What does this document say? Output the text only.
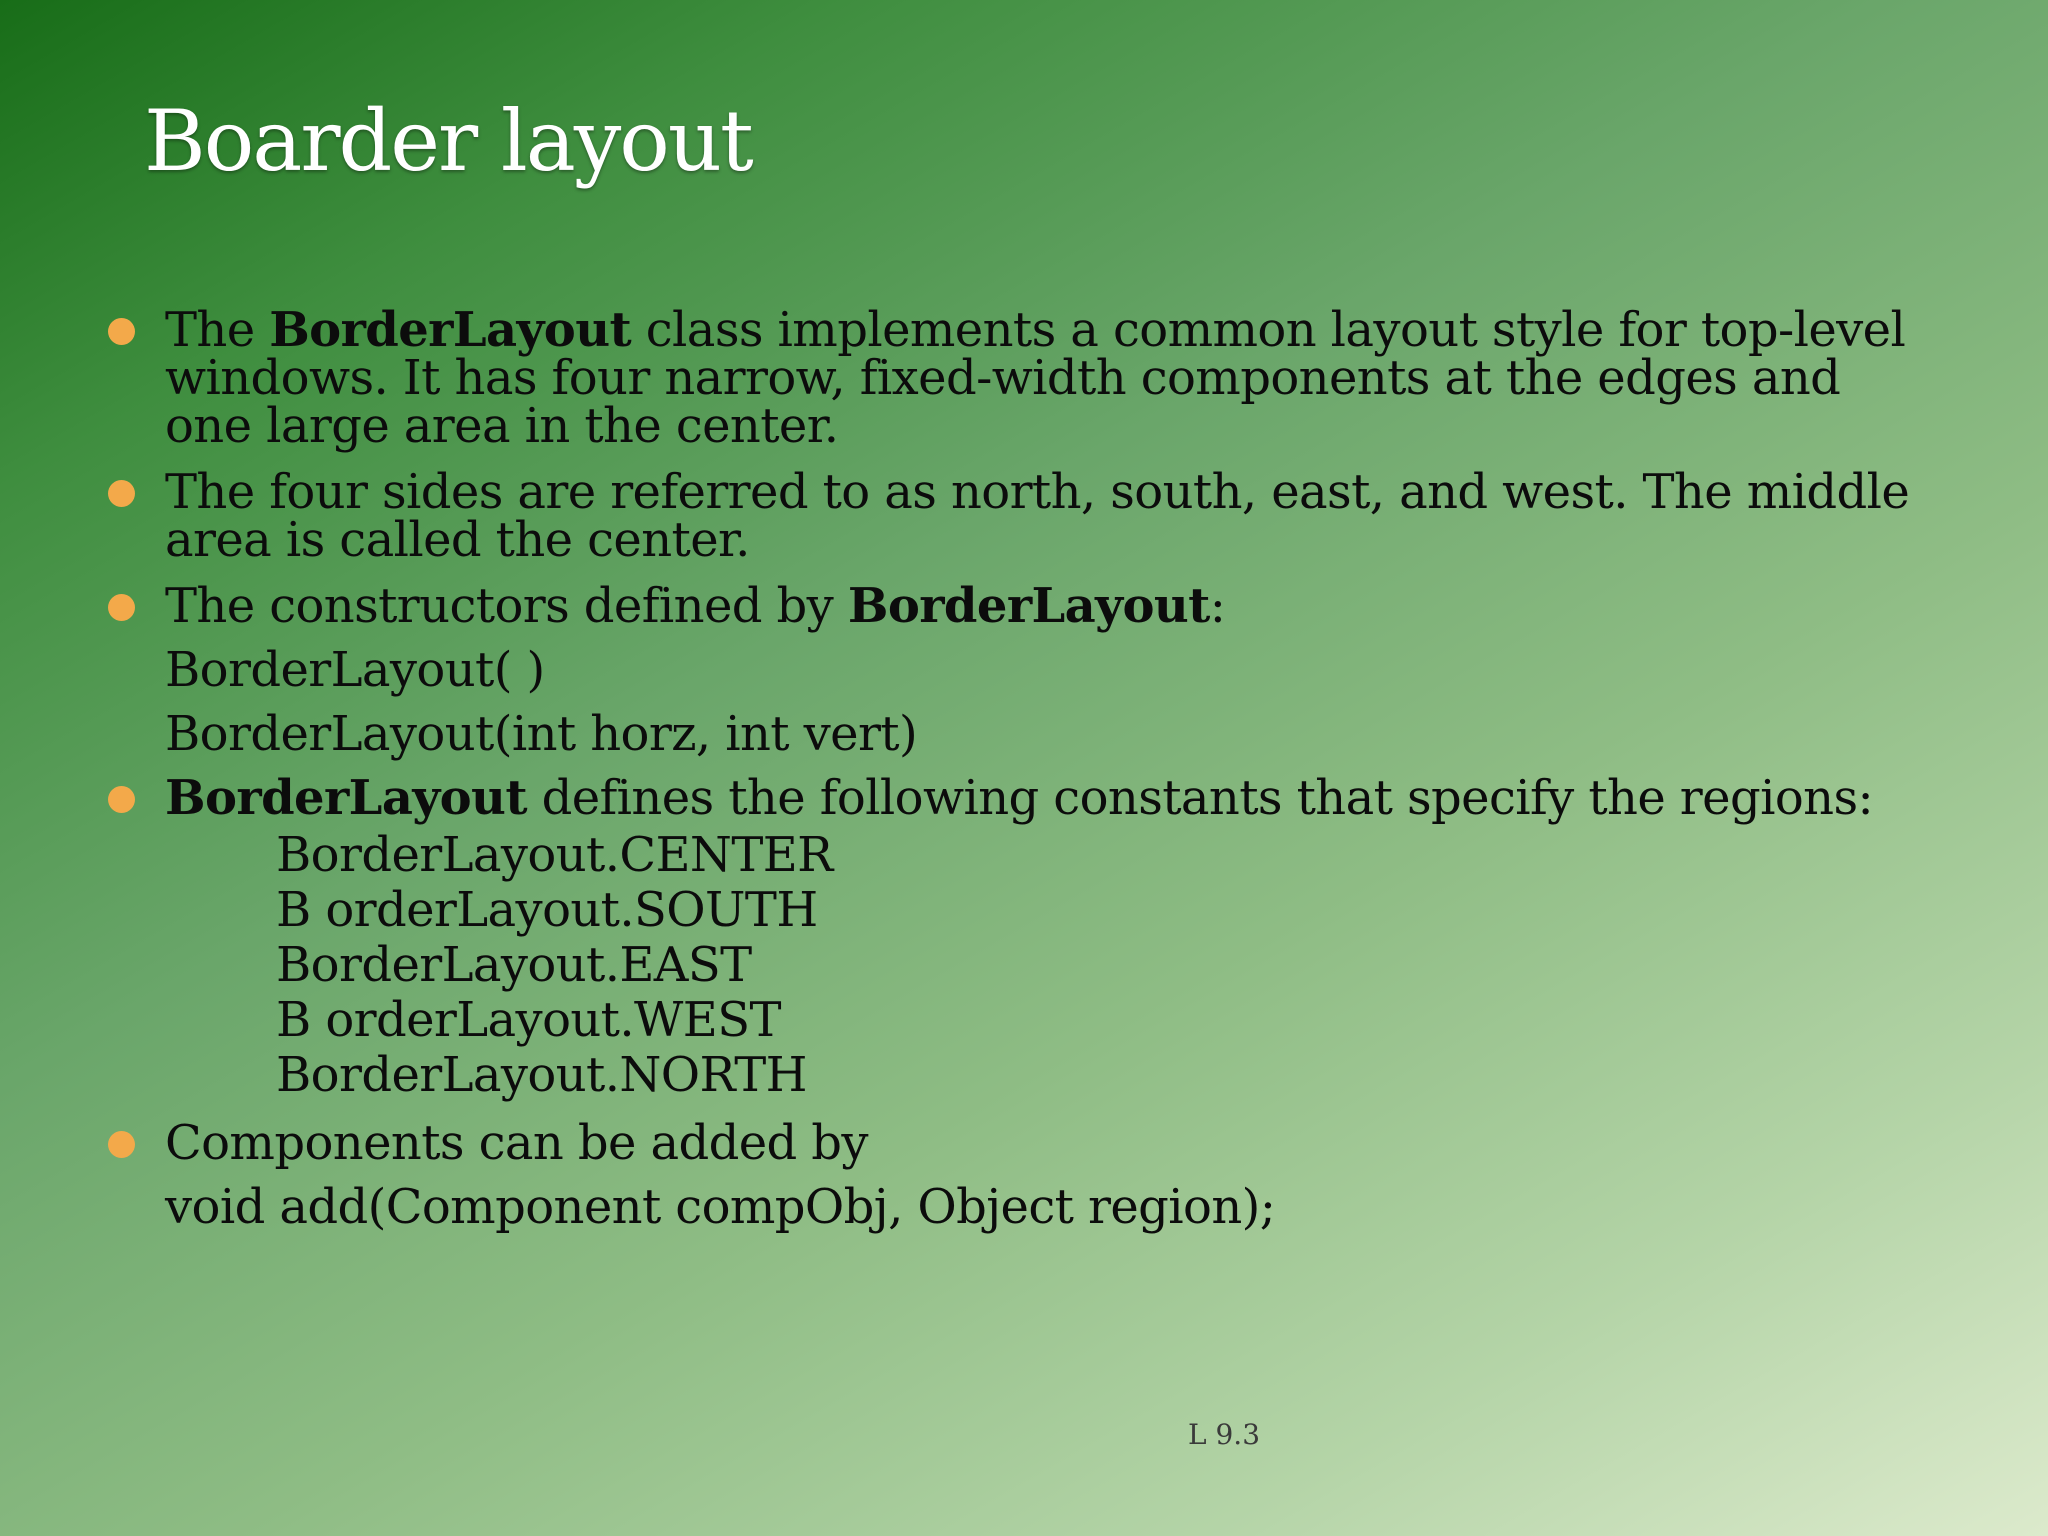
Boarder layout

The BorderLayout class implements a common layout style for top-level windows. It has four narrow, fixed-width components at the edges and one large area in the center.

The four sides are referred to as north, south, east, and west. The middle area is called the center.

The constructors defined by BorderLayout:

BorderLayout( )

BorderLayout(int horz, int vert)

BorderLayout defines the following constants that specify the regions:

BorderLayout.CENTER

B orderLayout.SOUTH

BorderLayout.EAST

B orderLayout.WEST

BorderLayout.NORTH

Components can be added by

void add(Component compObj, Object region);

L 9.3
